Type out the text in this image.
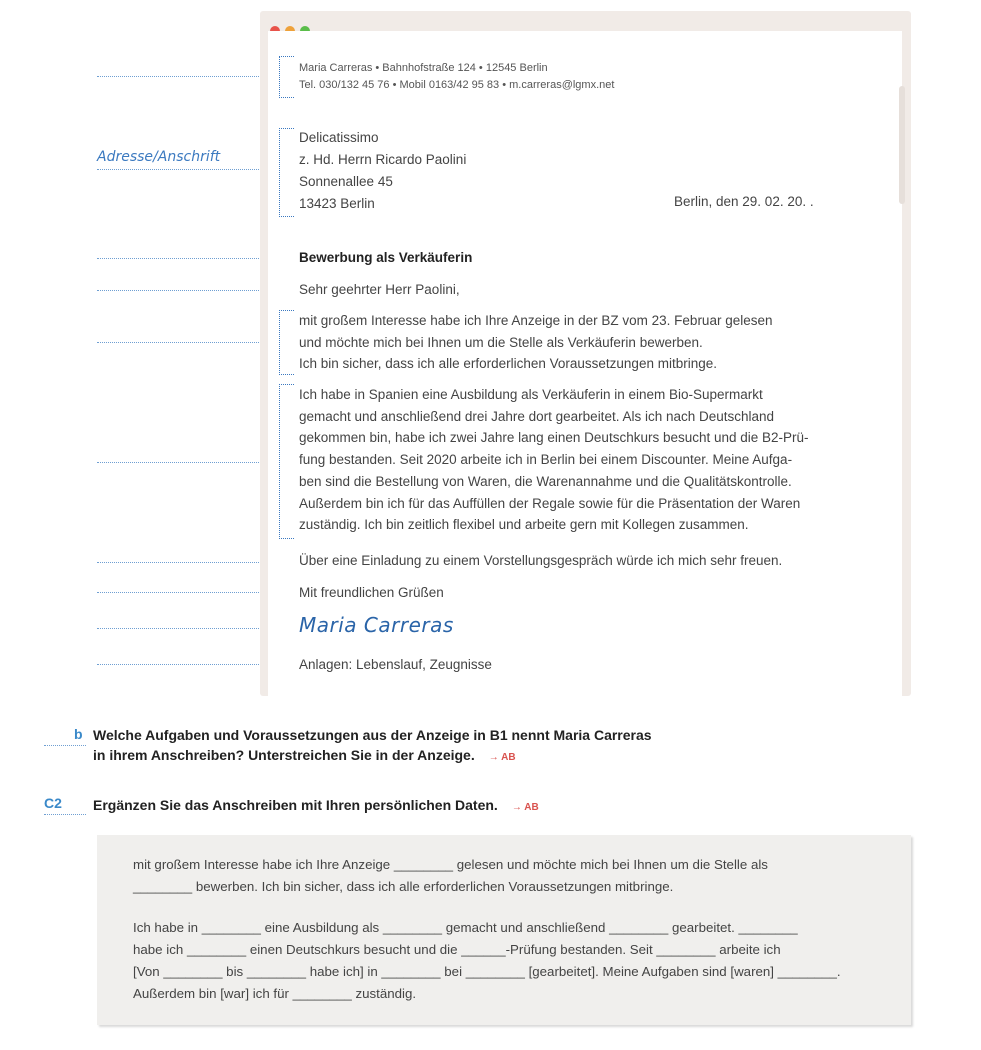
Adresse/Anschrift
Maria Carreras • Bahnhofstraße 124 • 12545 Berlin
Tel. 030/132 45 76 • Mobil 0163/42 95 83 • m.carreras@lgmx.net
Delicatissimo
z. Hd. Herrn Ricardo Paolini
Sonnenallee 45
13423 Berlin	Berlin, den 29. 02. 20. .
Bewerbung als Verkäuferin
Sehr geehrter Herr Paolini,
mit großem Interesse habe ich Ihre Anzeige in der BZ vom 23. Februar gelesen
und möchte mich bei Ihnen um die Stelle als Verkäuferin bewerben.
Ich bin sicher, dass ich alle erforderlichen Voraussetzungen mitbringe.
Ich habe in Spanien eine Ausbildung als Verkäuferin in einem Bio-Supermarkt
gemacht und anschließend drei Jahre dort gearbeitet. Als ich nach Deutschland
gekommen bin, habe ich zwei Jahre lang einen Deutschkurs besucht und die B2-Prü-
fung bestanden. Seit 2020 arbeite ich in Berlin bei einem Discounter. Meine Aufga-
ben sind die Bestellung von Waren, die Warenannahme und die Qualitätskontrolle.
Außerdem bin ich für das Auffüllen der Regale sowie für die Präsentation der Waren
zuständig. Ich bin zeitlich flexibel und arbeite gern mit Kollegen zusammen.
Über eine Einladung zu einem Vorstellungsgespräch würde ich mich sehr freuen.
Mit freundlichen Grüßen
Maria Carreras
Anlagen: Lebenslauf, Zeugnisse
b Welche Aufgaben und Voraussetzungen aus der Anzeige in B1 nennt Maria Carreras
in ihrem Anschreiben? Unterstreichen Sie in der Anzeige. → AB
C2 Ergänzen Sie das Anschreiben mit Ihren persönlichen Daten. → AB
mit großem Interesse habe ich Ihre Anzeige ________ gelesen und möchte mich bei Ihnen um die Stelle als
________ bewerben. Ich bin sicher, dass ich alle erforderlichen Voraussetzungen mitbringe.
Ich habe in ________ eine Ausbildung als ________ gemacht und anschließend ________ gearbeitet. ________
habe ich ________ einen Deutschkurs besucht und die ______-Prüfung bestanden. Seit ________ arbeite ich
[Von ________ bis ________ habe ich] in ________ bei ________ [gearbeitet]. Meine Aufgaben sind [waren] ________.
Außerdem bin [war] ich für ________ zuständig.
